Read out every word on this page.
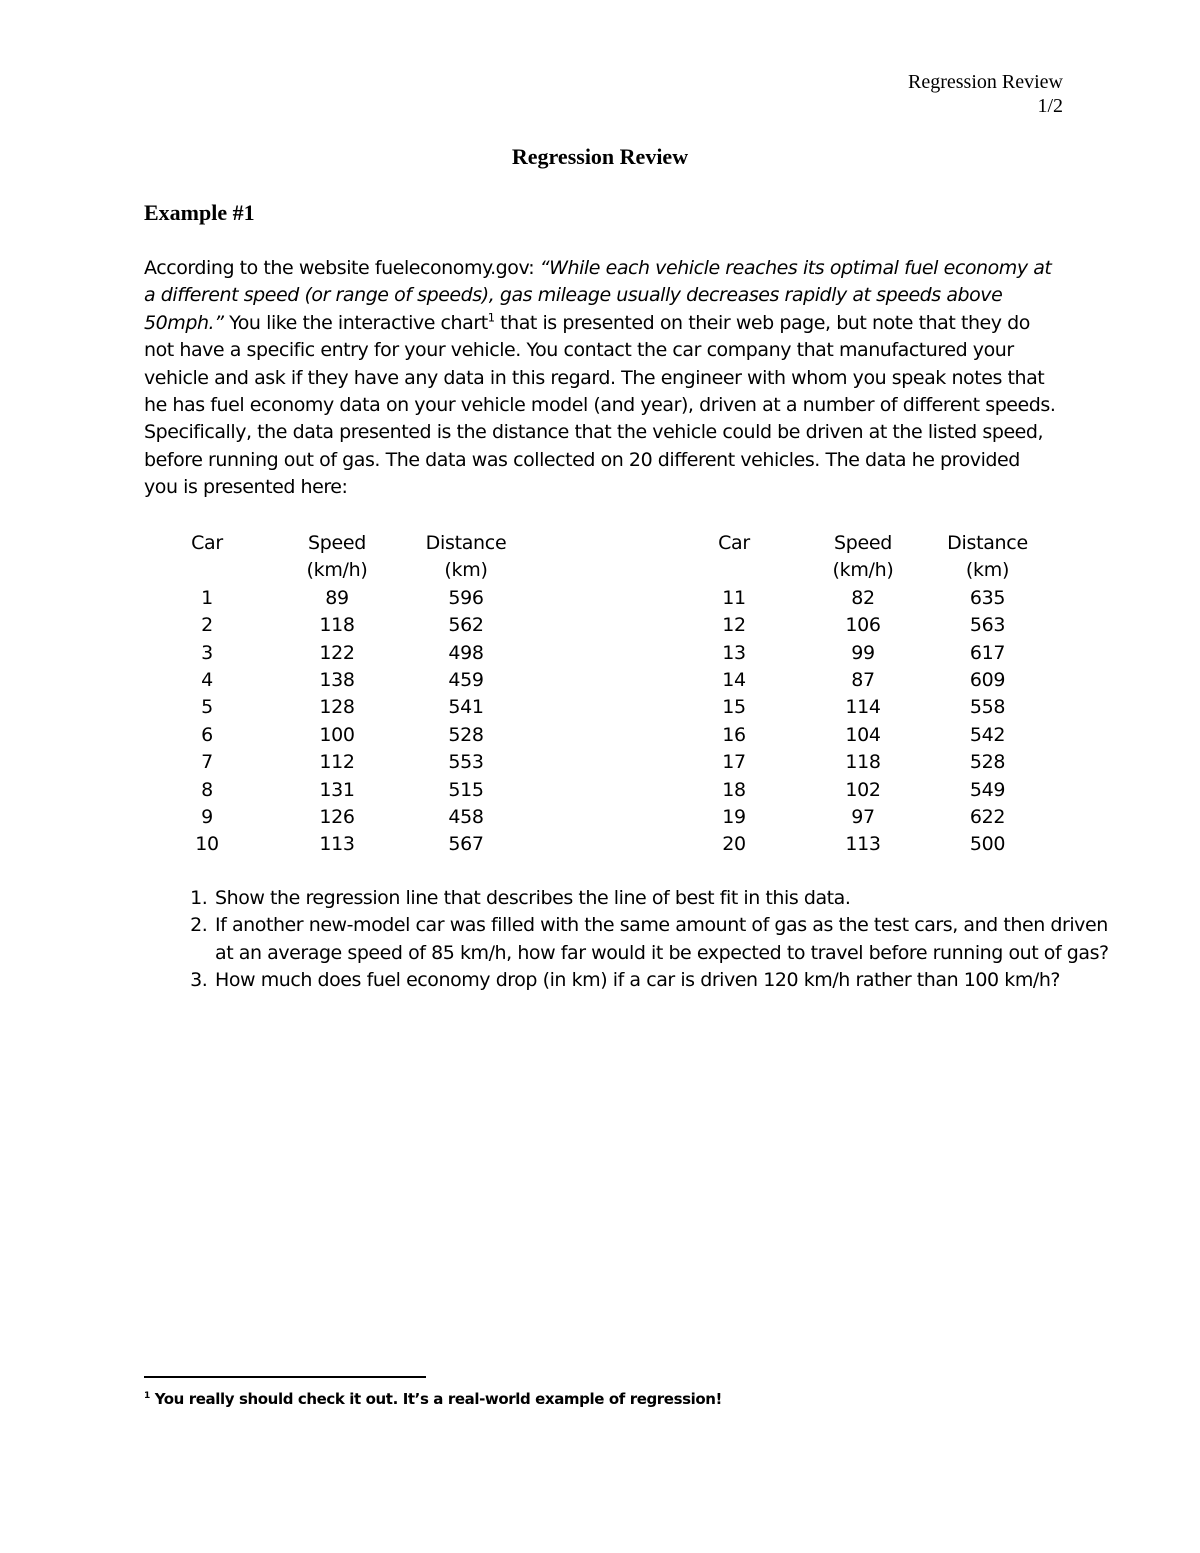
Regression Review
1/2
Regression Review
Example #1

According to the website fueleconomy.gov: “While each vehicle reaches its optimal fuel economy at a different speed (or range of speeds), gas mileage usually decreases rapidly at speeds above 50mph.” You like the interactive chart$^1$ that is presented on their web page, but note that they do not have a specific entry for your vehicle. You contact the car company that manufactured your vehicle and ask if they have any data in this regard. The engineer with whom you speak notes that he has fuel economy data on your vehicle model (and year), driven at a number of different speeds. Specifically, the data presented is the distance that the vehicle could be driven at the listed speed, before running out of gas. The data was collected on 20 different vehicles. The data he provided you is presented here:

Car	Speed	Distance		Car	Speed	Distance
	(km/h)	(km)			(km/h)	(km)
1	89	596		11	82	635
2	118	562		12	106	563
3	122	498		13	99	617
4	138	459		14	87	609
5	128	541		15	114	558
6	100	528		16	104	542
7	112	553		17	118	528
8	131	515		18	102	549
9	126	458		19	97	622
10	113	567		20	113	500
1. Show the regression line that describes the line of best fit in this data.
2. If another new-model car was filled with the same amount of gas as the test cars, and then driven at an average speed of 85 km/h, how far would it be expected to travel before running out of gas?
3. How much does fuel economy drop (in km) if a car is driven 120 km/h rather than 100 km/h?
$^1$ You really should check it out. It’s a real-world example of regression!
